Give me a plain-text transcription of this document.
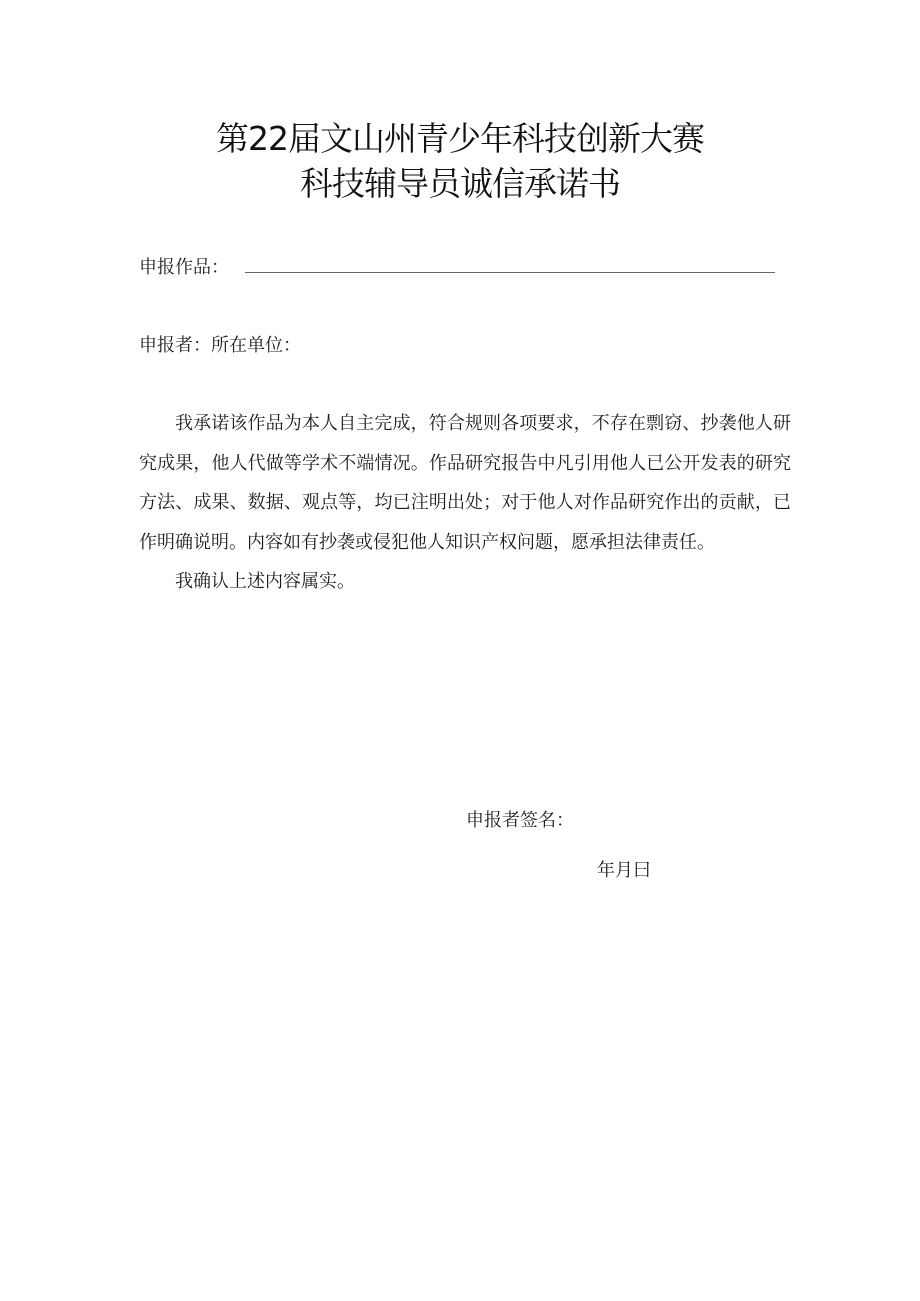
第22届文山州青少年科技创新大赛
科技辅导员诚信承诺书
申报作品：
申报者：所在单位：

我承诺该作品为本人自主完成，符合规则各项要求，不存在剽窃、抄袭他人研究成果，他人代做等学术不端情况。作品研究报告中凡引用他人已公开发表的研究方法、成果、数据、观点等，均已注明出处；对于他人对作品研究作出的贡献，已作明确说明。内容如有抄袭或侵犯他人知识产权问题，愿承担法律责任。

我确认上述内容属实。

申报者签名：
年月曰
